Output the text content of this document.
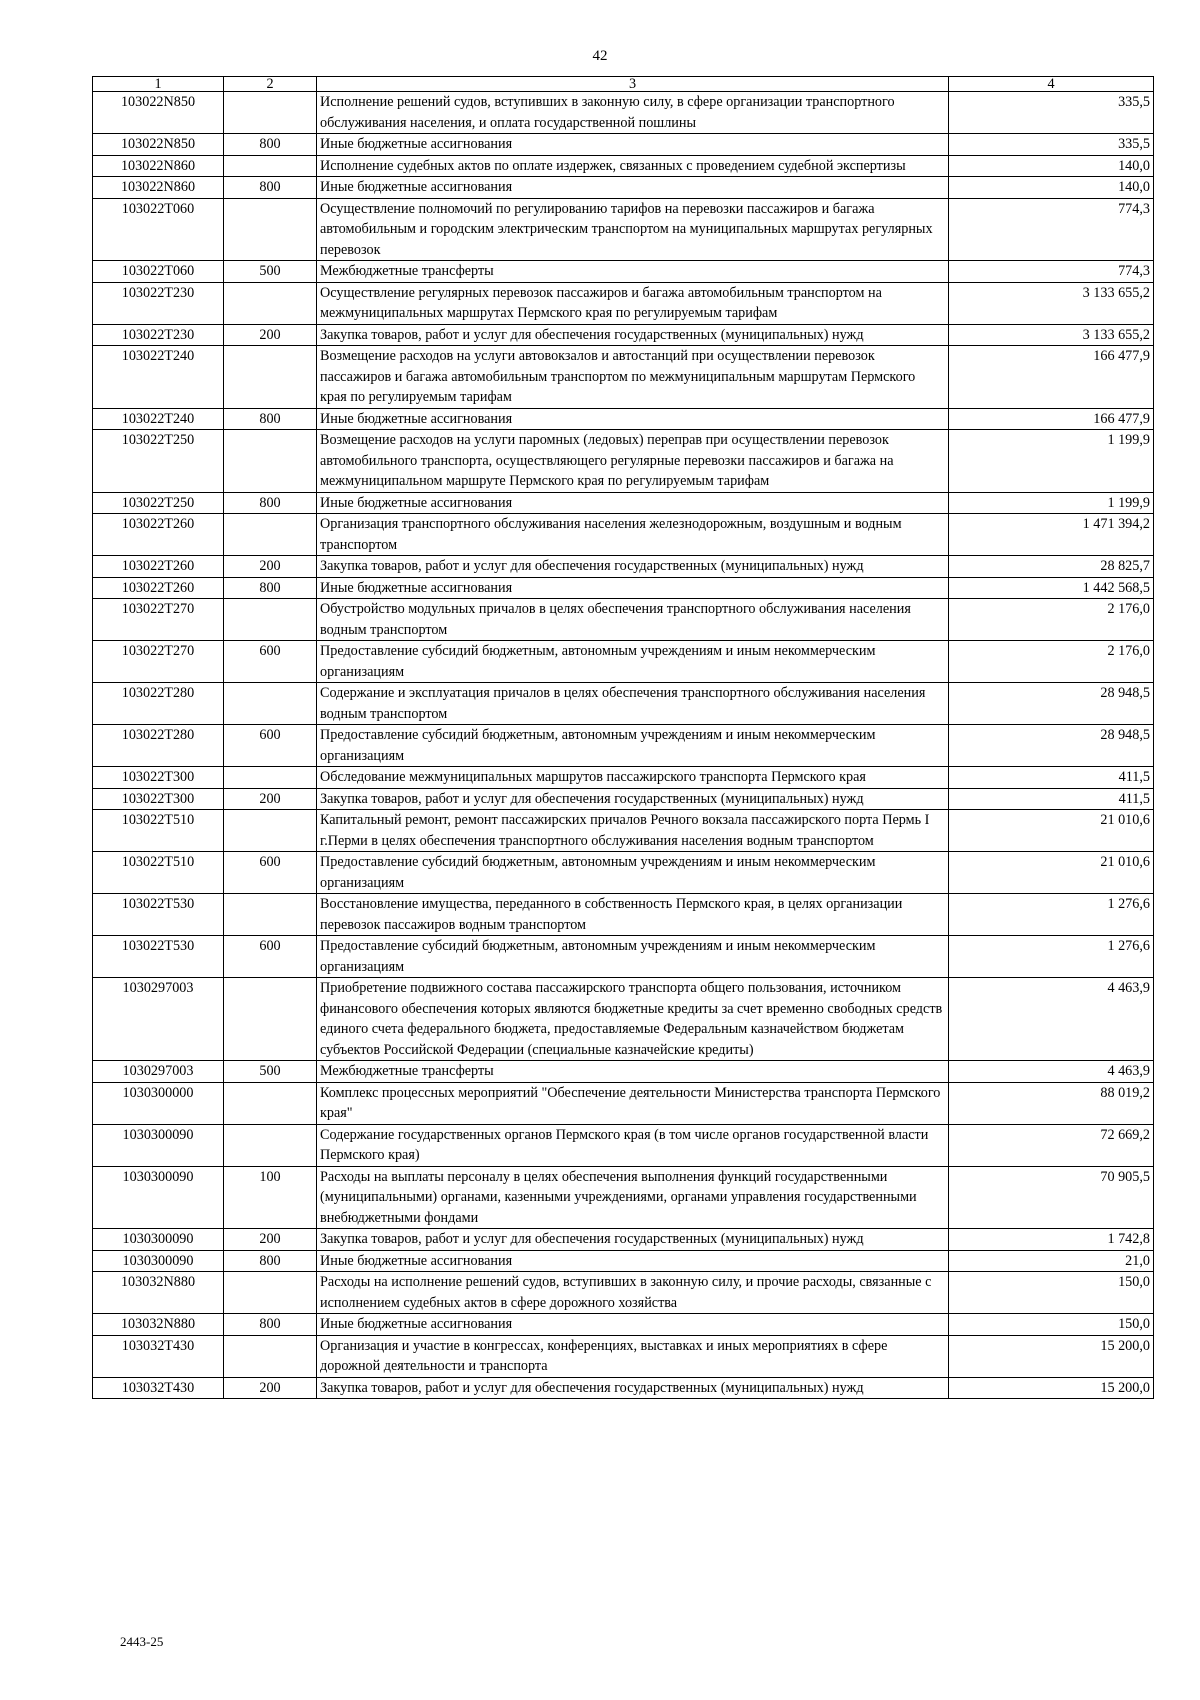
42
1	2	3	4
103022N850		Исполнение решений судов, вступивших в законную силу, в сфере организации транспортного обслуживания населения, и оплата государственной пошлины	335,5
103022N850	800	Иные бюджетные ассигнования	335,5
103022N860		Исполнение судебных актов по оплате издержек, связанных с проведением судебной экспертизы	140,0
103022N860	800	Иные бюджетные ассигнования	140,0
103022T060		Осуществление полномочий по регулированию тарифов на перевозки пассажиров и багажа автомобильным и городским электрическим транспортом на муниципальных маршрутах регулярных перевозок	774,3
103022T060	500	Межбюджетные трансферты	774,3
103022T230		Осуществление регулярных перевозок пассажиров и багажа автомобильным транспортом на межмуниципальных маршрутах Пермского края по регулируемым тарифам	3 133 655,2
103022T230	200	Закупка товаров, работ и услуг для обеспечения государственных (муниципальных) нужд	3 133 655,2
103022T240		Возмещение расходов на услуги автовокзалов и автостанций при осуществлении перевозок пассажиров и багажа автомобильным транспортом по межмуниципальным маршрутам Пермского края по регулируемым тарифам	166 477,9
103022T240	800	Иные бюджетные ассигнования	166 477,9
103022T250		Возмещение расходов на услуги паромных (ледовых) переправ при осуществлении перевозок автомобильного транспорта, осуществляющего регулярные перевозки пассажиров и багажа на межмуниципальном маршруте Пермского края по регулируемым тарифам	1 199,9
103022T250	800	Иные бюджетные ассигнования	1 199,9
103022T260		Организация транспортного обслуживания населения железнодорожным, воздушным и водным транспортом	1 471 394,2
103022T260	200	Закупка товаров, работ и услуг для обеспечения государственных (муниципальных) нужд	28 825,7
103022T260	800	Иные бюджетные ассигнования	1 442 568,5
103022T270		Обустройство модульных причалов в целях обеспечения транспортного обслуживания населения водным транспортом	2 176,0
103022T270	600	Предоставление субсидий бюджетным, автономным учреждениям и иным некоммерческим организациям	2 176,0
103022T280		Содержание и эксплуатация причалов в целях обеспечения транспортного обслуживания населения водным транспортом	28 948,5
103022T280	600	Предоставление субсидий бюджетным, автономным учреждениям и иным некоммерческим организациям	28 948,5
103022T300		Обследование межмуниципальных маршрутов пассажирского транспорта Пермского края	411,5
103022T300	200	Закупка товаров, работ и услуг для обеспечения государственных (муниципальных) нужд	411,5
103022T510		Капитальный ремонт, ремонт пассажирских причалов Речного вокзала пассажирского порта Пермь I г.Перми в целях обеспечения транспортного обслуживания населения водным транспортом	21 010,6
103022T510	600	Предоставление субсидий бюджетным, автономным учреждениям и иным некоммерческим организациям	21 010,6
103022T530		Восстановление имущества, переданного в собственность Пермского края, в целях организации перевозок пассажиров водным транспортом	1 276,6
103022T530	600	Предоставление субсидий бюджетным, автономным учреждениям и иным некоммерческим организациям	1 276,6
1030297003		Приобретение подвижного состава пассажирского транспорта общего пользования, источником финансового обеспечения которых являются бюджетные кредиты за счет временно свободных средств единого счета федерального бюджета, предоставляемые Федеральным казначейством бюджетам субъектов Российской Федерации (специальные казначейские кредиты)	4 463,9
1030297003	500	Межбюджетные трансферты	4 463,9
1030300000		Комплекс процессных мероприятий "Обеспечение деятельности Министерства транспорта Пермского края"	88 019,2
1030300090		Содержание государственных органов Пермского края (в том числе органов государственной власти Пермского края)	72 669,2
1030300090	100	Расходы на выплаты персоналу в целях обеспечения выполнения функций государственными (муниципальными) органами, казенными учреждениями, органами управления государственными внебюджетными фондами	70 905,5
1030300090	200	Закупка товаров, работ и услуг для обеспечения государственных (муниципальных) нужд	1 742,8
1030300090	800	Иные бюджетные ассигнования	21,0
103032N880		Расходы на исполнение решений судов, вступивших в законную силу, и прочие расходы, связанные с исполнением судебных актов в сфере дорожного хозяйства	150,0
103032N880	800	Иные бюджетные ассигнования	150,0
103032T430		Организация и участие в конгрессах, конференциях, выставках и иных мероприятиях в сфере дорожной деятельности и транспорта	15 200,0
103032T430	200	Закупка товаров, работ и услуг для обеспечения государственных (муниципальных) нужд	15 200,0
2443-25
